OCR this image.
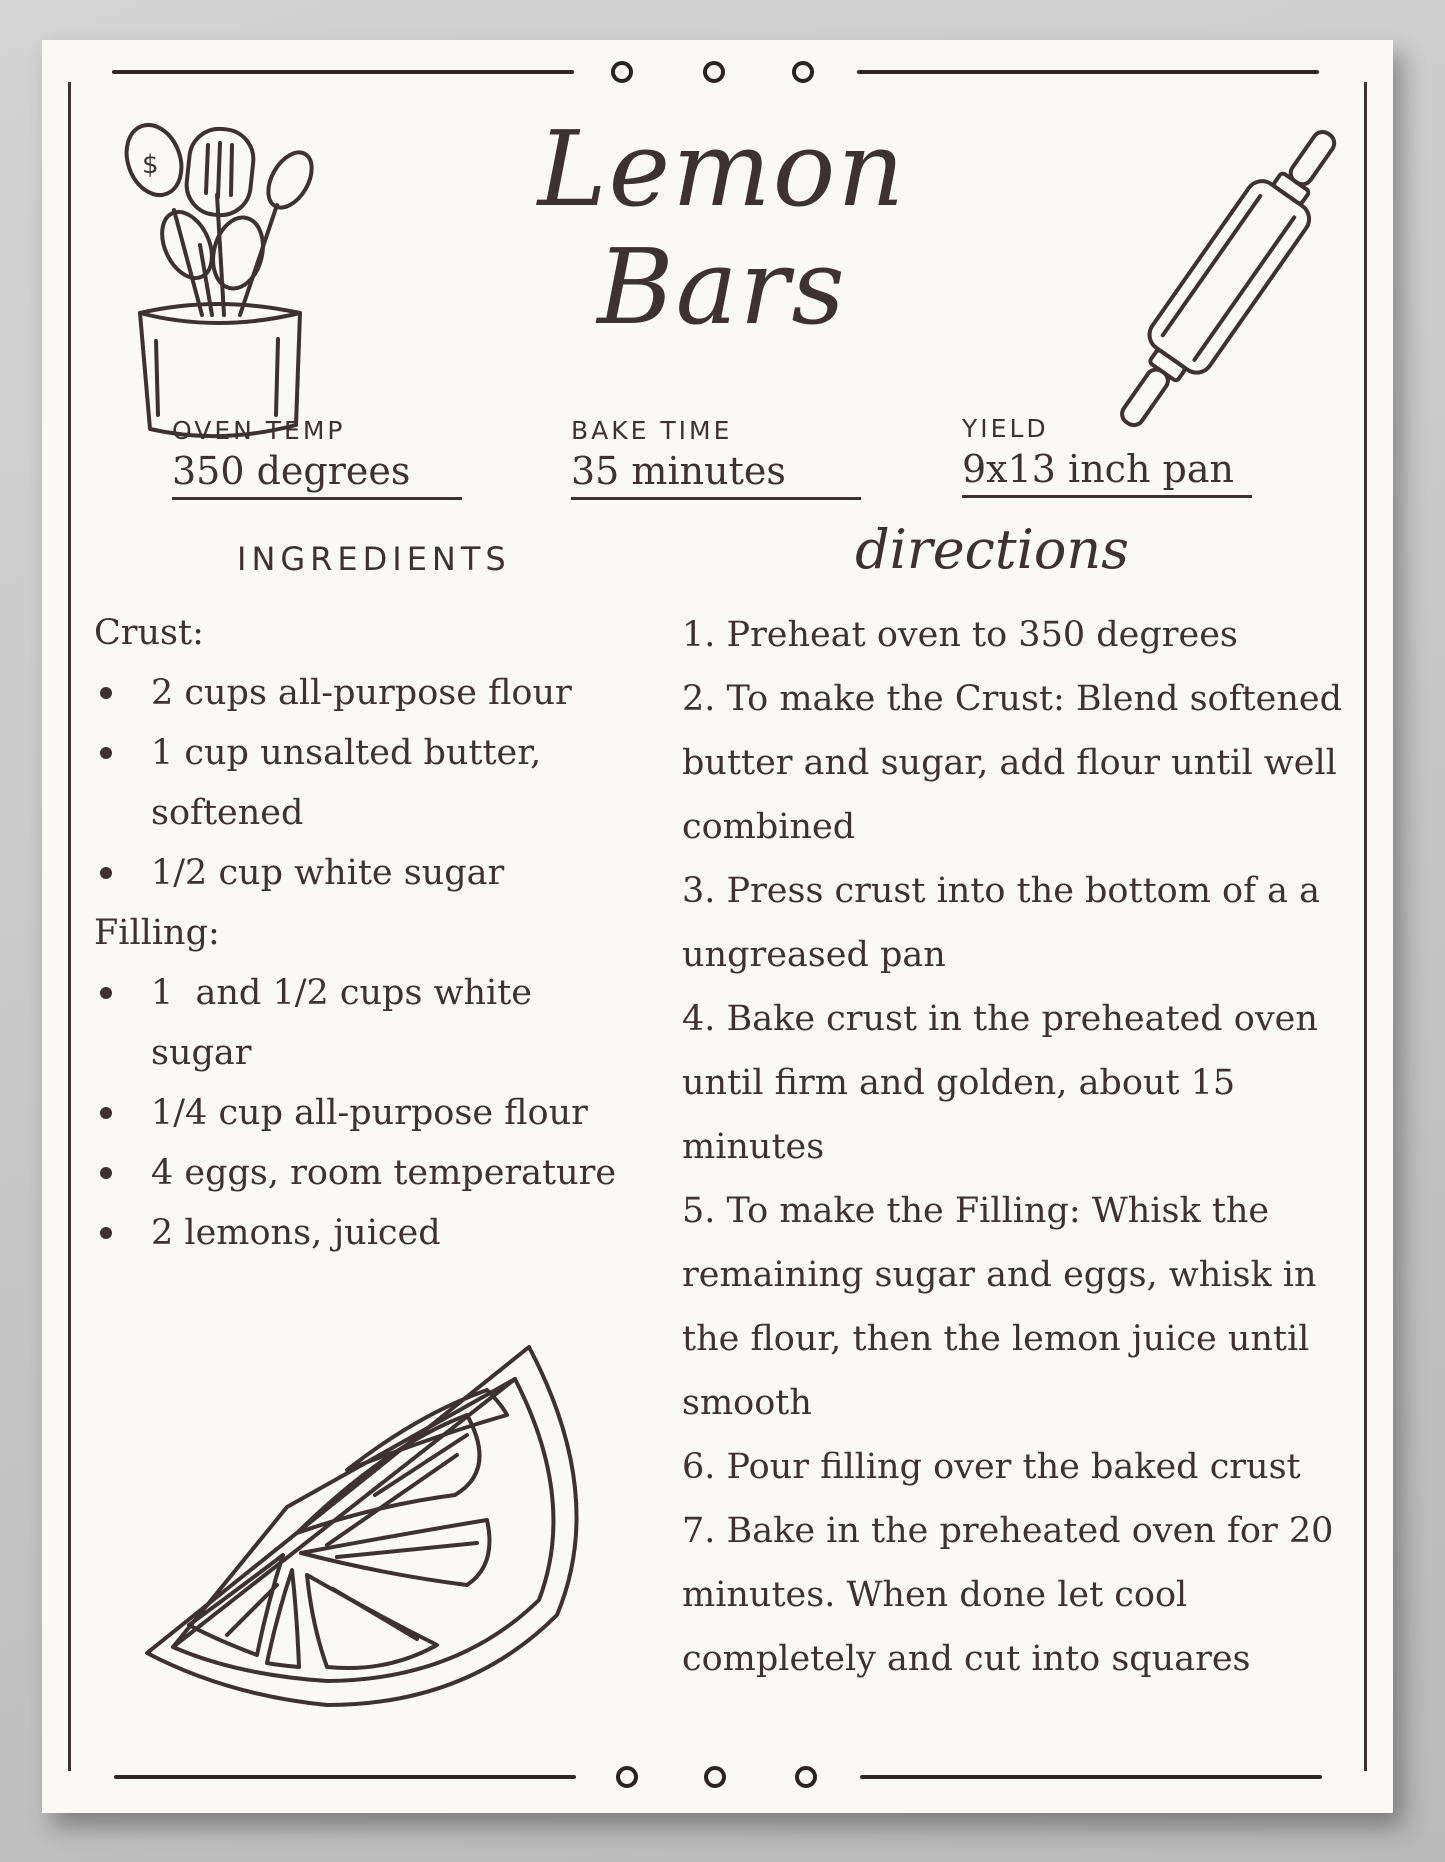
$	Lemon
Bars
OVEN TEMP
350 degrees
BAKE TIME
35 minutes
YIELD
9x13 inch pan
INGREDIENTS	directions

Crust:

2 cups all-purpose flour
1 cup unsalted butter, softened
1/2 cup white sugar

Filling:

1  and 1/2 cups white sugar
1/4 cup all-purpose flour
4 eggs, room temperature
2 lemons, juiced

1. Preheat oven to 350 degrees

2. To make the Crust: Blend softened butter and sugar, add flour until well combined

3. Press crust into the bottom of a a ungreased pan

4. Bake crust in the preheated oven until firm and golden, about 15 minutes

5. To make the Filling: Whisk the remaining sugar and eggs, whisk in the flour, then the lemon juice until smooth

6. Pour filling over the baked crust

7. Bake in the preheated oven for 20 minutes. When done let cool completely and cut into squares
